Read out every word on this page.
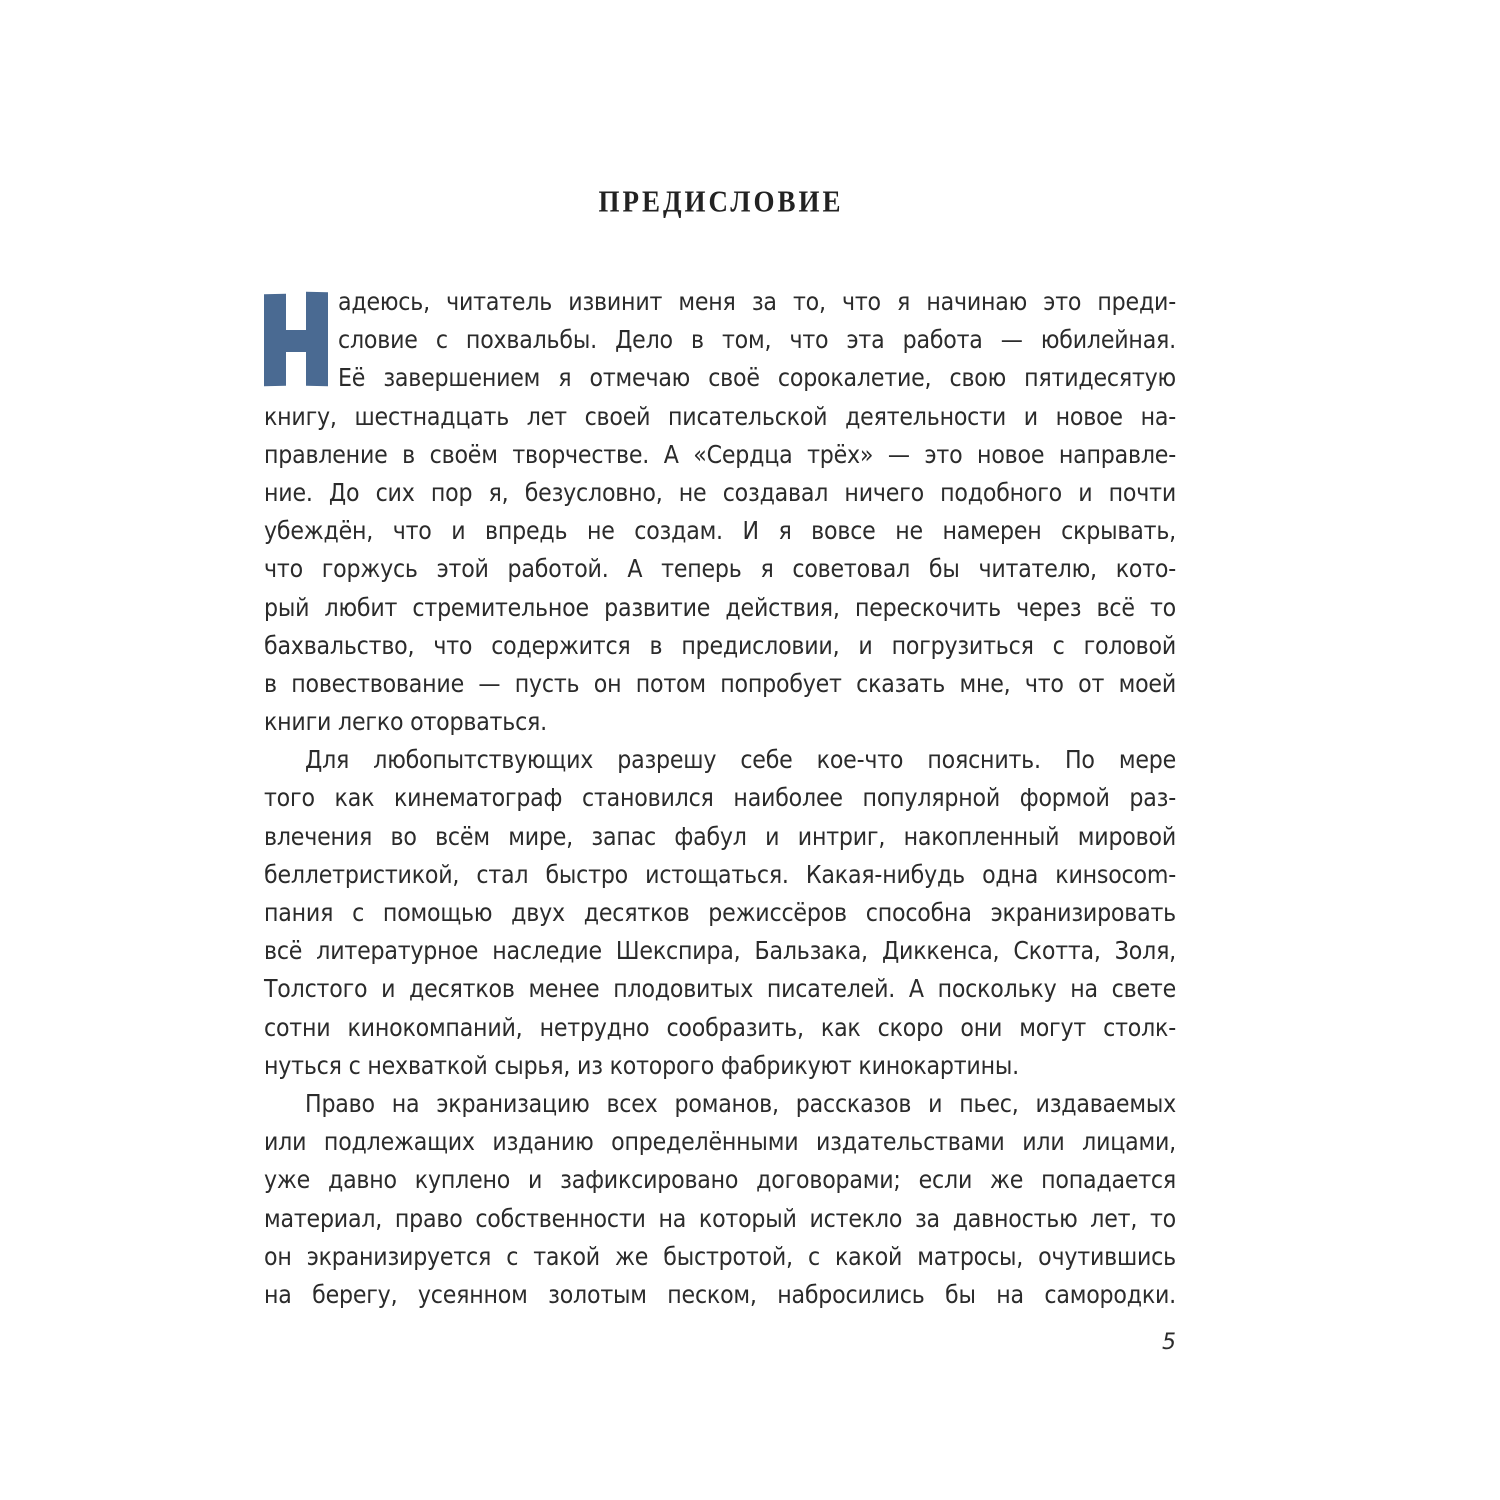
ПРЕДИСЛОВИЕ
адеюсь, читатель извинит меня за то, что я начинаю это преди-
словие с похвальбы. Дело в том, что эта работа — юбилейная.
Её завершением я отмечаю своё сорокалетие, свою пятидесятую
книгу, шестнадцать лет своей писательской деятельности и новое на-
правление в своём творчестве. А «Сердца трёх» — это новое направле-
ние. До сих пор я, безусловно, не создавал ничего подобного и почти
убеждён, что и впредь не создам. И я вовсе не намерен скрывать,
что горжусь этой работой. А теперь я советовал бы читателю, кото-
рый любит стремительное развитие действия, перескочить через всё то
бахвальство, что содержится в предисловии, и погрузиться с головой
в повествование — пусть он потом попробует сказать мне, что от моей
книги легко оторваться.
Для любопытствующих разрешу себе кое-что пояснить. По мере
того как кинематограф становился наиболее популярной формой раз-
влечения во всём мире, запас фабул и интриг, накопленный мировой
беллетристикой, стал быстро истощаться. Какая-нибудь одна кинsocom-
пания с помощью двух десятков режиссёров способна экранизировать
всё литературное наследие Шекспира, Бальзака, Диккенса, Скотта, Золя,
Толстого и десятков менее плодовитых писателей. А поскольку на свете
сотни кинокомпаний, нетрудно сообразить, как скоро они могут столк-
нуться с нехваткой сырья, из которого фабрикуют кинокартины.
Право на экранизацию всех романов, рассказов и пьес, издаваемых
или подлежащих изданию определёнными издательствами или лицами,
уже давно куплено и зафиксировано договорами; если же попадается
материал, право собственности на который истекло за давностью лет, то
он экранизируется с такой же быстротой, с какой матросы, очутившись
на берегу, усеянном золотым песком, набросились бы на самородки.
5
